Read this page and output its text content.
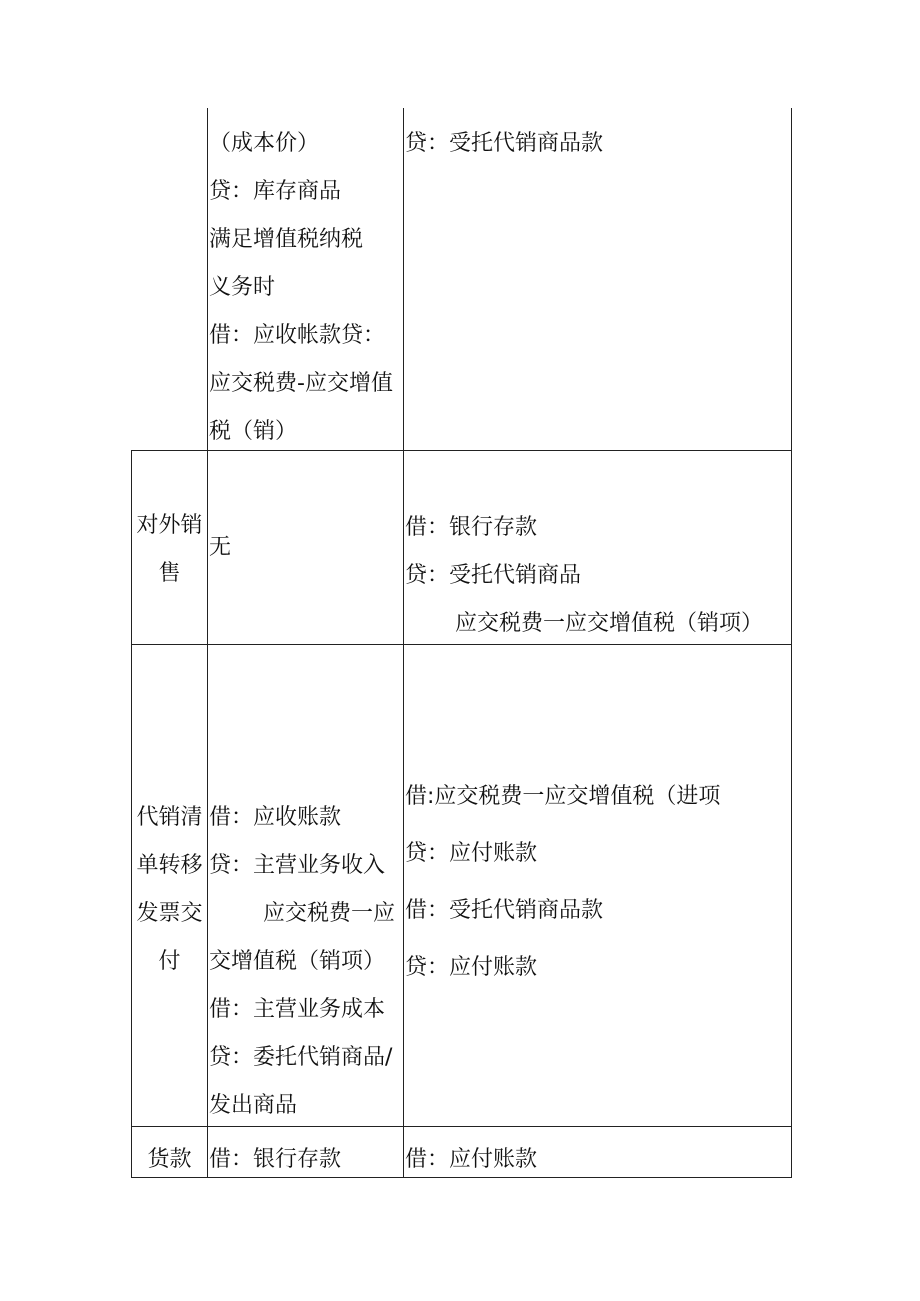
（成本价）
贷：库存商品
满足增值税纳税
义务时
借：应收帐款贷：
应交税费-应交增值
税（销）
贷：受托代销商品款
对外销
售
无
借：银行存款
贷：受托代销商品
应交税费一应交增值税（销项）
代销清
单转移
发票交
付
借：应收账款
贷：主营业务收入
应交税费一应
交增值税（销项）
借：主营业务成本
贷：委托代销商品/
发出商品
借:应交税费一应交增值税（进项
贷：应付账款
借：受托代销商品款
贷：应付账款
货款 借：银行存款	借：应付账款
